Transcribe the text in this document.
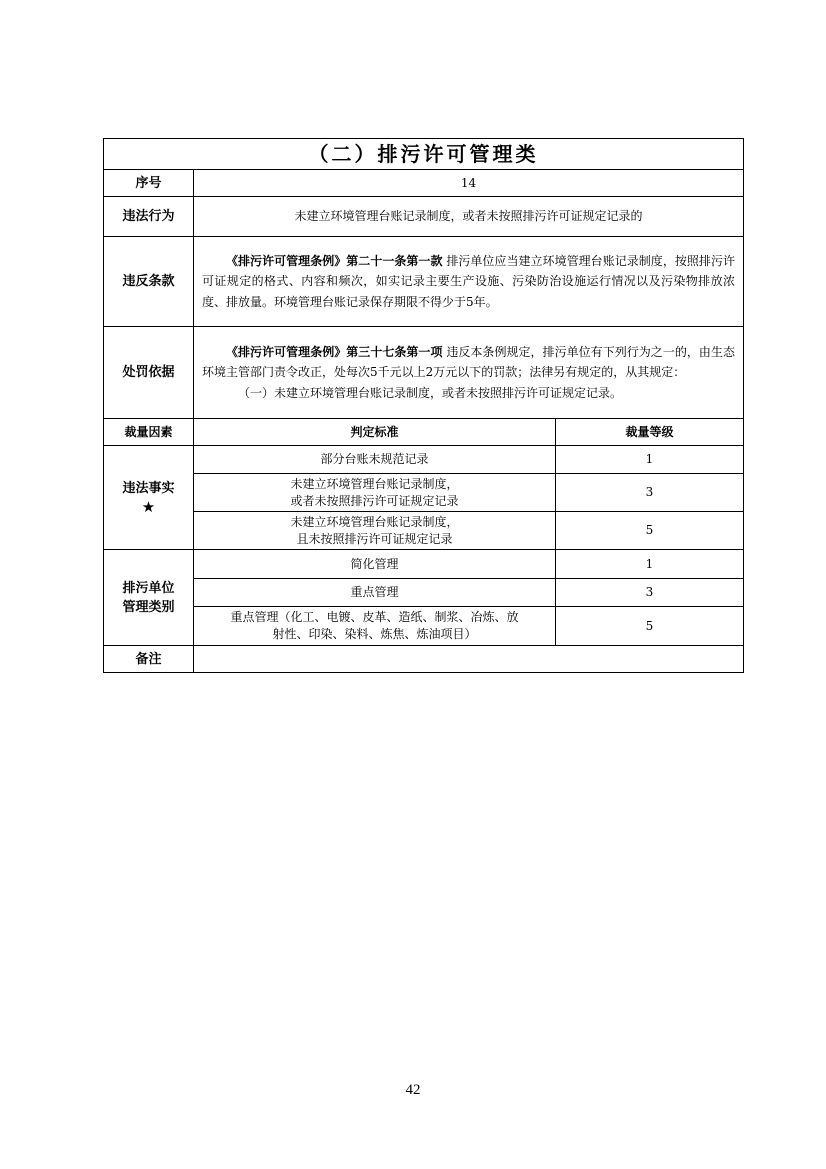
（二）排污许可管理类		
序号	14	
违法行为	未建立环境管理台账记录制度，或者未按照排污许可证规定记录的	
违反条款	《排污许可管理条例》第二十一条第一款 排污单位应当建立环境管理台账记录制度，按照排污许可证规定的格式、内容和频次，如实记录主要生产设施、污染防治设施运行情况以及污染物排放浓度、排放量。环境管理台账记录保存期限不得少于5年。	
处罚依据	《排污许可管理条例》第三十七条第一项 违反本条例规定，排污单位有下列行为之一的，由生态环境主管部门责令改正，处每次5千元以上2万元以下的罚款；法律另有规定的，从其规定：
（一）未建立环境管理台账记录制度，或者未按照排污许可证规定记录。	

裁量因素	判定标准	裁量等级

违法事实
★	部分台账未规范记录	1

	未建立环境管理台账记录制度，
或者未按照排污许可证规定记录	3

	未建立环境管理台账记录制度，
且未按照排污许可证规定记录	5

排污单位
管理类别	简化管理	1

	重点管理	3

	重点管理（化工、电镀、皮革、造纸、制浆、冶炼、放
射性、印染、染料、炼焦、炼油项目）	5
备注		
42
